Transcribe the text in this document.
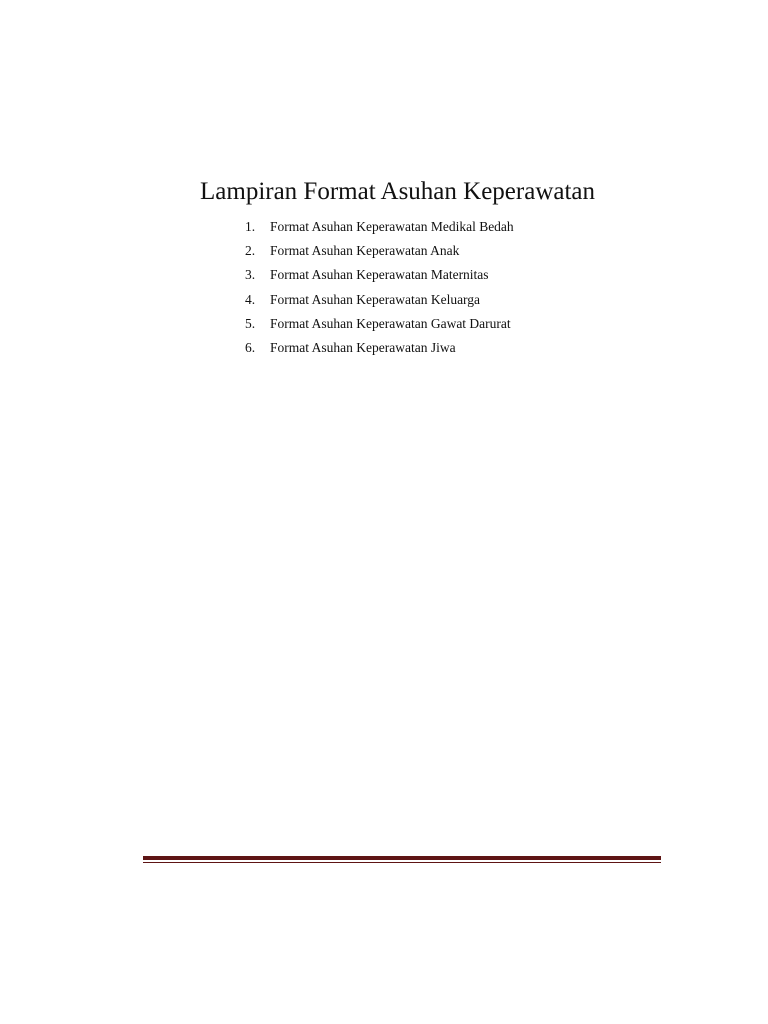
Lampiran Format Asuhan Keperawatan
1.	Format Asuhan Keperawatan Medikal Bedah
2.	Format Asuhan Keperawatan Anak
3.	Format Asuhan Keperawatan Maternitas
4.	Format Asuhan Keperawatan Keluarga
5.	Format Asuhan Keperawatan Gawat Darurat
6.	Format Asuhan Keperawatan Jiwa
